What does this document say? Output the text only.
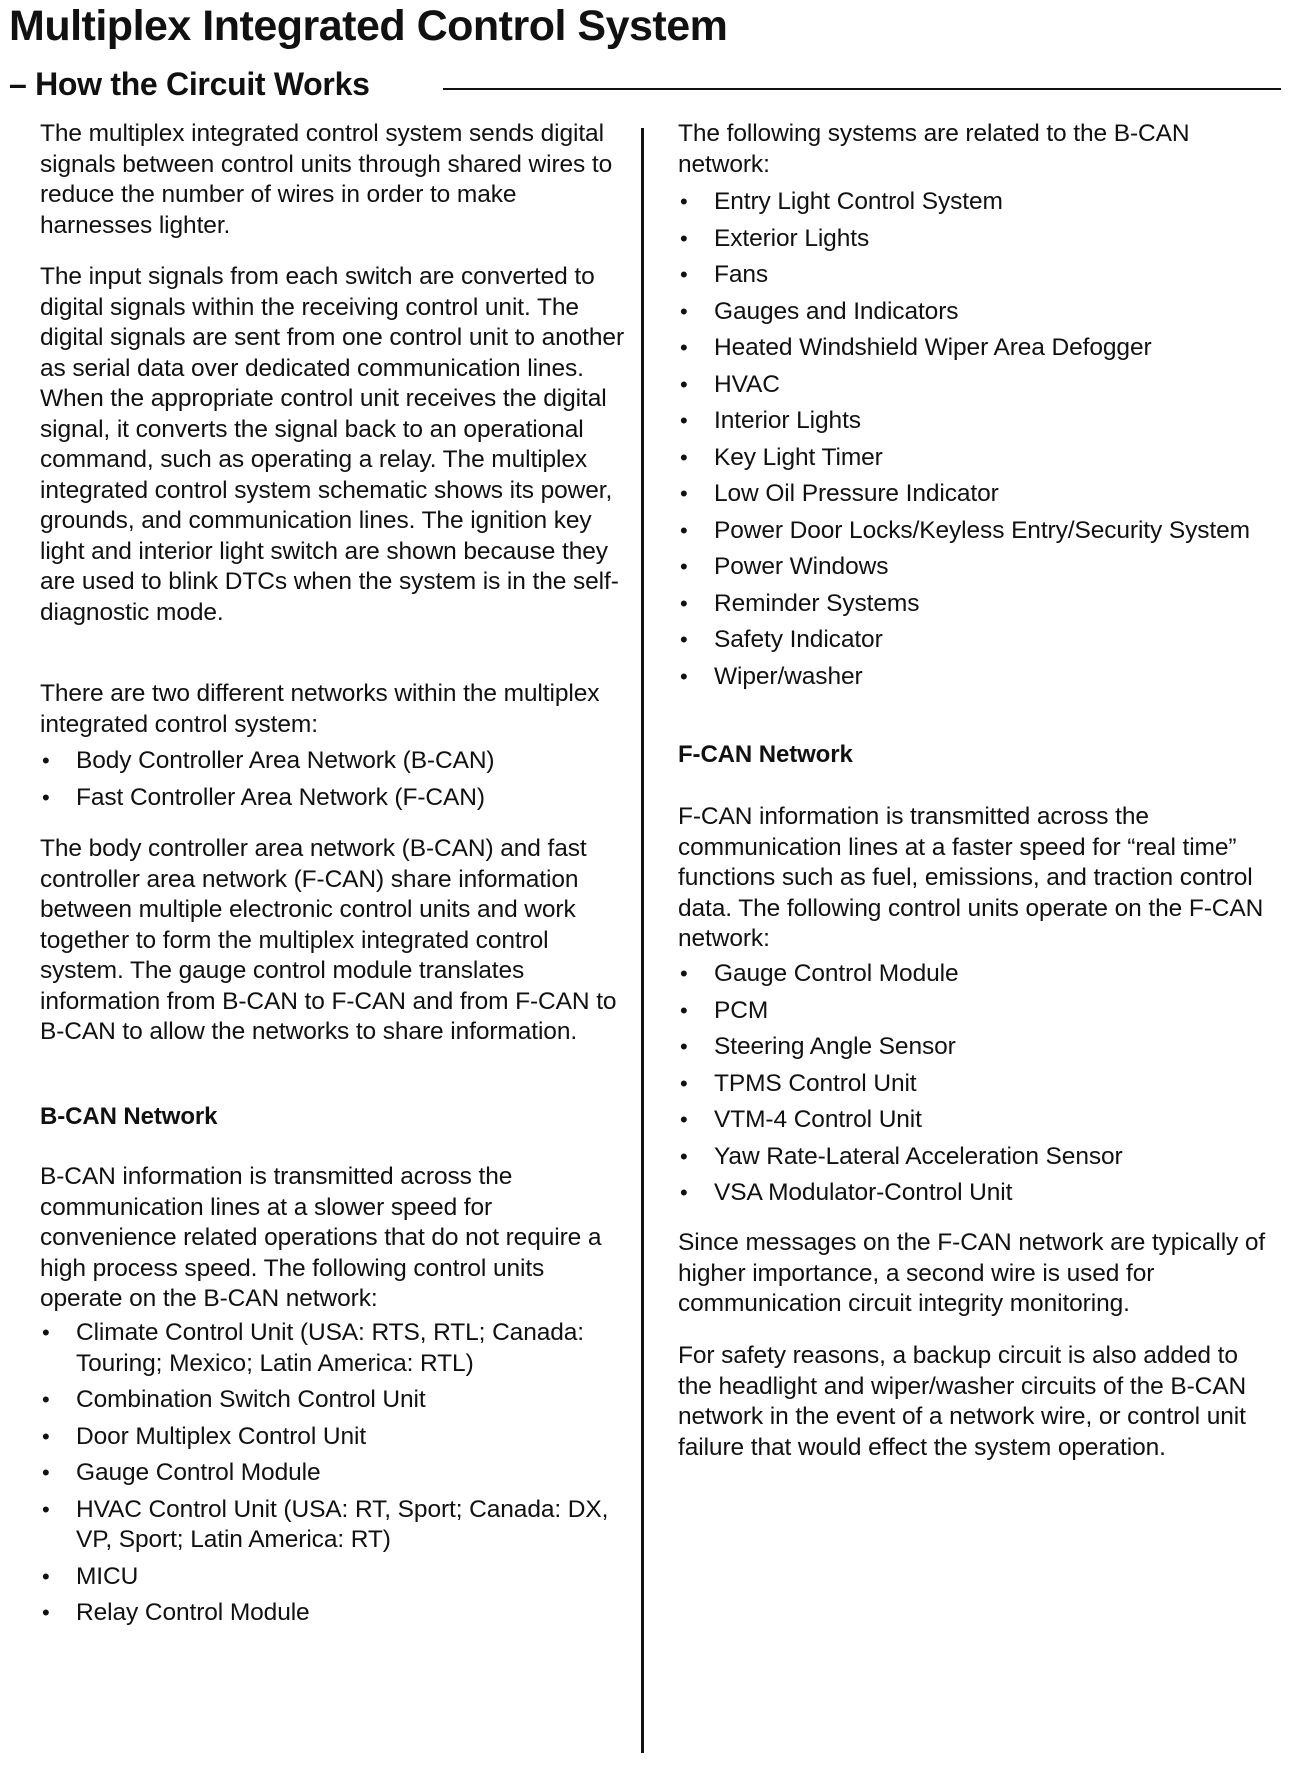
Multiplex Integrated Control System
– How the Circuit Works

The multiplex integrated control system sends digital signals between control units through shared wires to reduce the number of wires in order to make harnesses lighter.

The input signals from each switch are converted to digital signals within the receiving control unit. The digital signals are sent from one control unit to another as serial data over dedicated communication lines. When the appropriate control unit receives the digital signal, it converts the signal back to an operational command, such as operating a relay. The multiplex integrated control system schematic shows its power, grounds, and communication lines. The ignition key light and interior light switch are shown because they are used to blink DTCs when the system is in the self-diagnostic mode.

There are two different networks within the multiplex integrated control system:

• Body Controller Area Network (B-CAN)
• Fast Controller Area Network (F-CAN)

The body controller area network (B-CAN) and fast controller area network (F-CAN) share information between multiple electronic control units and work together to form the multiplex integrated control system. The gauge control module translates information from B-CAN to F-CAN and from F-CAN to B-CAN to allow the networks to share information.

B-CAN Network

B-CAN information is transmitted across the communication lines at a slower speed for convenience related operations that do not require a high process speed. The following control units operate on the B-CAN network:

• Climate Control Unit (USA: RTS, RTL; Canada: Touring; Mexico; Latin America: RTL)
• Combination Switch Control Unit
• Door Multiplex Control Unit
• Gauge Control Module
• HVAC Control Unit (USA: RT, Sport; Canada: DX, VP, Sport; Latin America: RT)
• MICU
• Relay Control Module

The following systems are related to the B-CAN network:

• Entry Light Control System
• Exterior Lights
• Fans
• Gauges and Indicators
• Heated Windshield Wiper Area Defogger
• HVAC
• Interior Lights
• Key Light Timer
• Low Oil Pressure Indicator
• Power Door Locks/Keyless Entry/Security System
• Power Windows
• Reminder Systems
• Safety Indicator
• Wiper/washer

F-CAN Network

F-CAN information is transmitted across the communication lines at a faster speed for “real time” functions such as fuel, emissions, and traction control data. The following control units operate on the F-CAN network:

• Gauge Control Module
• PCM
• Steering Angle Sensor
• TPMS Control Unit
• VTM-4 Control Unit
• Yaw Rate-Lateral Acceleration Sensor
• VSA Modulator-Control Unit

Since messages on the F-CAN network are typically of higher importance, a second wire is used for communication circuit integrity monitoring.

For safety reasons, a backup circuit is also added to the headlight and wiper/washer circuits of the B-CAN network in the event of a network wire, or control unit failure that would effect the system operation.
